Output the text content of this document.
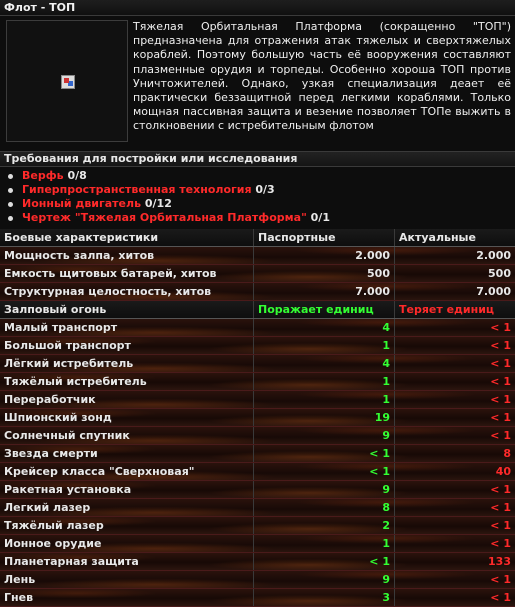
Флот - ТОП
Тяжелая Орбитальная Платформа (сокращенно "ТОП") предназначена для отражения атак тяжелых и сверхтяжелых кораблей. Поэтому большую часть её вооружения составляют плазменные орудия и торпеды. Особенно хороша ТОП против Уничтожителей. Однако, узкая специализация деает её практически беззащитной перед легкими кораблями. Только мощная пассивная защита и везение позволяет ТОПе выжить в столкновении с истребительным флотом
Требования для постройки или исследования
Верфь 0/8
Гиперпространственная технология 0/3
Ионный двигатель 0/12
Чертеж "Тяжелая Орбитальная Платформа" 0/1
Боевые характеристики	Паспортные	Актуальные
Мощность залпа, хитов	2.000	2.000
Емкость щитовых батарей, хитов	500	500
Структурная целостность, хитов	7.000	7.000
Залповый огонь	Поражает единиц	Теряет единиц
Малый транспорт	4	< 1
Большой транспорт	1	< 1
Лёгкий истребитель	4	< 1
Тяжёлый истребитель	1	< 1
Переработчик	1	< 1
Шпионский зонд	19	< 1
Солнечный спутник	9	< 1
Звезда смерти	< 1	8
Крейсер класса "Сверхновая"	< 1	40
Ракетная установка	9	< 1
Легкий лазер	8	< 1
Тяжёлый лазер	2	< 1
Ионное орудие	1	< 1
Планетарная защита	< 1	133
Лень	9	< 1
Гнев	3	< 1
